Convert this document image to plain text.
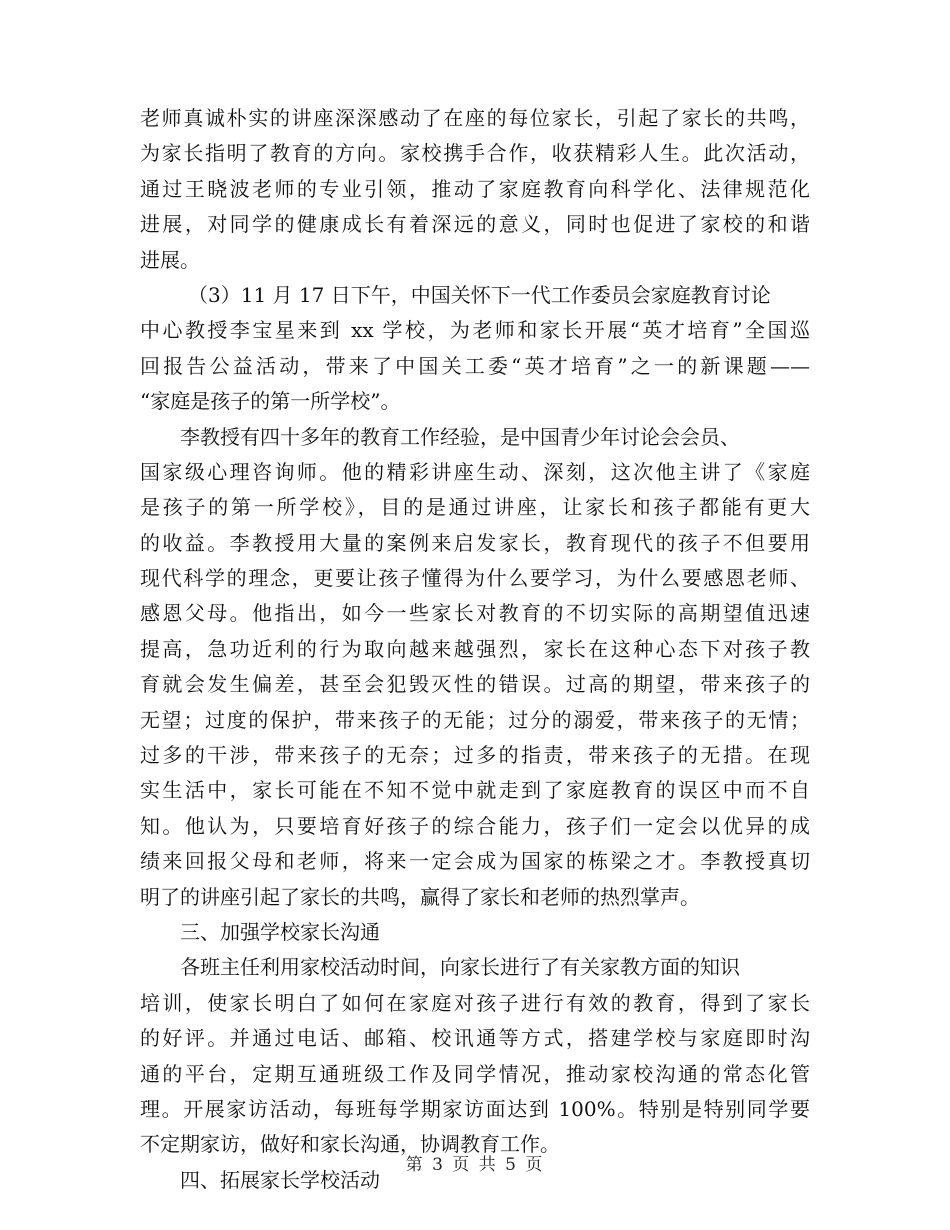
老师真诚朴实的讲座深深感动了在座的每位家长，引起了家长的共鸣，
为家长指明了教育的方向。家校携手合作，收获精彩人生。此次活动，
通过王晓波老师的专业引领，推动了家庭教育向科学化、法律规范化
进展，对同学的健康成长有着深远的意义，同时也促进了家校的和谐
进展。
（3）11 月 17 日下午，中国关怀下一代工作委员会家庭教育讨论
中心教授李宝星来到 xx 学校，为老师和家长开展“英才培育”全国巡
回报告公益活动，带来了中国关工委“英才培育”之一的新课题——
“家庭是孩子的第一所学校”。
李教授有四十多年的教育工作经验，是中国青少年讨论会会员、
国家级心理咨询师。他的精彩讲座生动、深刻，这次他主讲了《家庭
是孩子的第一所学校》，目的是通过讲座，让家长和孩子都能有更大
的收益。李教授用大量的案例来启发家长，教育现代的孩子不但要用
现代科学的理念，更要让孩子懂得为什么要学习，为什么要感恩老师、
感恩父母。他指出，如今一些家长对教育的不切实际的高期望值迅速
提高，急功近利的行为取向越来越强烈，家长在这种心态下对孩子教
育就会发生偏差，甚至会犯毁灭性的错误。过高的期望，带来孩子的
无望；过度的保护，带来孩子的无能；过分的溺爱，带来孩子的无情；
过多的干涉，带来孩子的无奈；过多的指责，带来孩子的无措。在现
实生活中，家长可能在不知不觉中就走到了家庭教育的误区中而不自
知。他认为，只要培育好孩子的综合能力，孩子们一定会以优异的成
绩来回报父母和老师，将来一定会成为国家的栋梁之才。李教授真切
明了的讲座引起了家长的共鸣，赢得了家长和老师的热烈掌声。
三、加强学校家长沟通
各班主任利用家校活动时间，向家长进行了有关家教方面的知识
培训，使家长明白了如何在家庭对孩子进行有效的教育，得到了家长
的好评。并通过电话、邮箱、校讯通等方式，搭建学校与家庭即时沟
通的平台，定期互通班级工作及同学情况，推动家校沟通的常态化管
理。开展家访活动，每班每学期家访面达到 100%。特别是特别同学要
不定期家访，做好和家长沟通，协调教育工作。
四、拓展家长学校活动
第 3 页 共 5 页
